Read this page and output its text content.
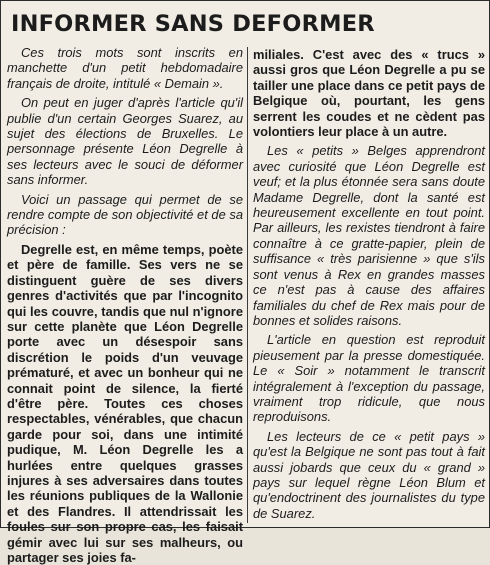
INFORMER SANS DEFORMER

Ces trois mots sont inscrits en manchette d'un petit hebdomadaire français de droite, intitulé « Demain ».

On peut en juger d'après l'article qu'il publie d'un certain Georges Suarez, au sujet des élections de Bruxelles. Le personnage présente Léon Degrelle à ses lecteurs avec le souci de déformer sans informer.

Voici un passage qui permet de se rendre compte de son objectivité et de sa précision :

Degrelle est, en même temps, poète et père de famille. Ses vers ne se distinguent guère de ses divers genres d'activités que par l'incognito qui les couvre, tandis que nul n'ignore sur cette planète que Léon Degrelle porte avec un désespoir sans discrétion le poids d'un veuvage prématuré, et avec un bonheur qui ne connait point de silence, la fierté d'être père. Toutes ces choses respectables, vénérables, que chacun garde pour soi, dans une intimité pudique, M. Léon Degrelle les a hurlées entre quelques grasses injures à ses adversaires dans toutes les réunions publiques de la Wallonie et des Flandres. Il attendrissait les foules sur son propre cas, les faisait gémir avec lui sur ses malheurs, ou partager ses joies fa-

miliales. C'est avec des « trucs » aussi gros que Léon Degrelle a pu se tailler une place dans ce petit pays de Belgique où, pourtant, les gens serrent les coudes et ne cèdent pas volontiers leur place à un autre.

Les « petits » Belges apprendront avec curiosité que Léon Degrelle est veuf; et la plus étonnée sera sans doute Madame Degrelle, dont la santé est heureusement excellente en tout point. Par ailleurs, les rexistes tiendront à faire connaître à ce gratte-papier, plein de suffisance « très parisienne » que s'ils sont venus à Rex en grandes masses ce n'est pas à cause des affaires familiales du chef de Rex mais pour de bonnes et solides raisons.

L'article en question est reproduit pieusement par la presse domestiquée. Le « Soir » notamment le transcrit intégralement à l'exception du passage, vraiment trop ridicule, que nous reproduisons.

Les lecteurs de ce « petit pays » qu'est la Belgique ne sont pas tout à fait aussi jobards que ceux du « grand » pays sur lequel règne Léon Blum et qu'endoctrinent des journalistes du type de Suarez.
